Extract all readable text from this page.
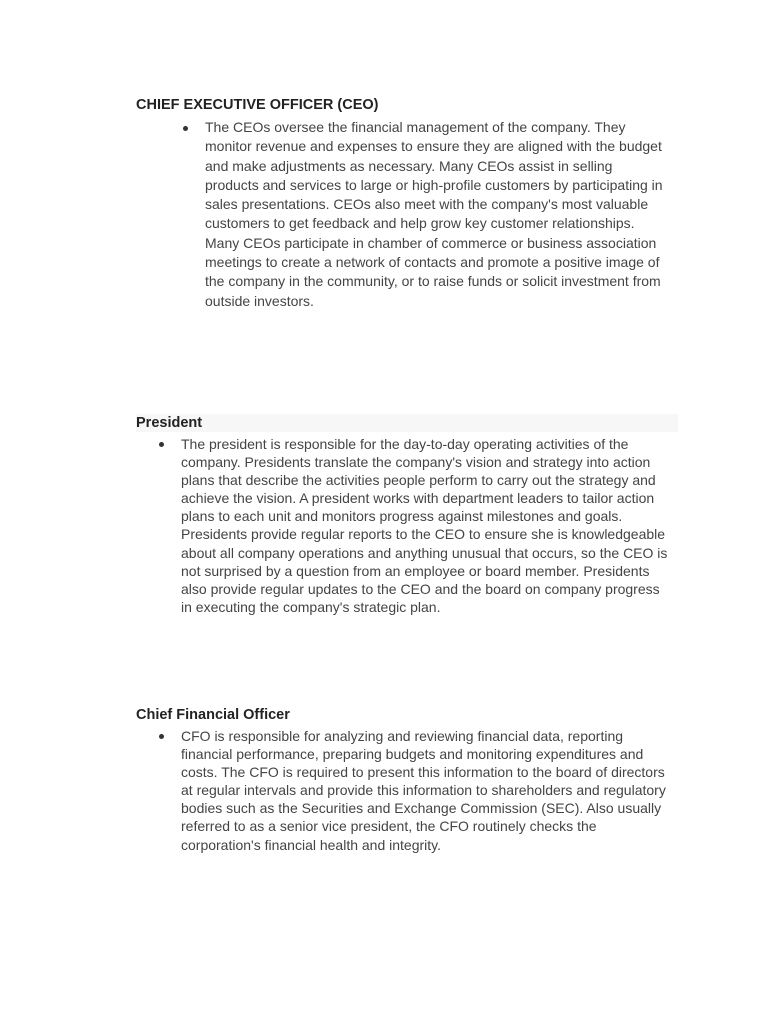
CHIEF EXECUTIVE OFFICER (CEO)
The CEOs oversee the financial management of the company. They monitor revenue and expenses to ensure they are aligned with the budget and make adjustments as necessary. Many CEOs assist in selling products and services to large or high-profile customers by participating in sales presentations. CEOs also meet with the company's most valuable customers to get feedback and help grow key customer relationships. Many CEOs participate in chamber of commerce or business association meetings to create a network of contacts and promote a positive image of the company in the community, or to raise funds or solicit investment from outside investors.
President
The president is responsible for the day-to-day operating activities of the company. Presidents translate the company's vision and strategy into action plans that describe the activities people perform to carry out the strategy and achieve the vision. A president works with department leaders to tailor action plans to each unit and monitors progress against milestones and goals. Presidents provide regular reports to the CEO to ensure she is knowledgeable about all company operations and anything unusual that occurs, so the CEO is not surprised by a question from an employee or board member. Presidents also provide regular updates to the CEO and the board on company progress in executing the company's strategic plan.
Chief Financial Officer
CFO is responsible for analyzing and reviewing financial data, reporting financial performance, preparing budgets and monitoring expenditures and costs. The CFO is required to present this information to the board of directors at regular intervals and provide this information to shareholders and regulatory bodies such as the Securities and Exchange Commission (SEC). Also usually referred to as a senior vice president, the CFO routinely checks the corporation's financial health and integrity.
